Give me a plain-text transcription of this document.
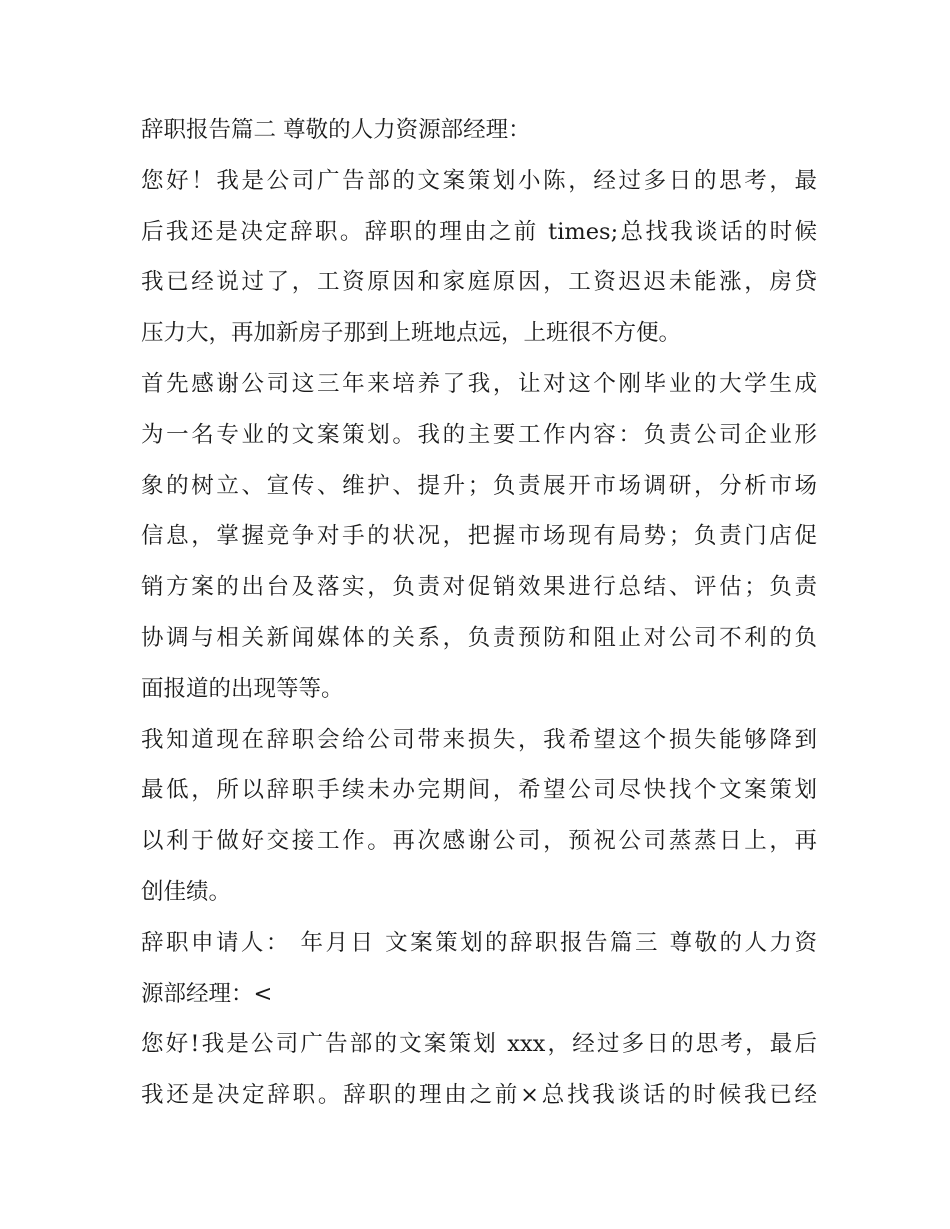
辞职报告篇二 尊敬的人力资源部经理：

您好！我是公司广告部的文案策划小陈，经过多日的思考，最
后我还是决定辞职。辞职的理由之前 times;总找我谈话的时候
我已经说过了，工资原因和家庭原因，工资迟迟未能涨，房贷
压力大，再加新房子那到上班地点远，上班很不方便。

首先感谢公司这三年来培养了我，让对这个刚毕业的大学生成
为一名专业的文案策划。我的主要工作内容：负责公司企业形
象的树立、宣传、维护、提升；负责展开市场调研，分析市场
信息，掌握竞争对手的状况，把握市场现有局势；负责门店促
销方案的出台及落实，负责对促销效果进行总结、评估；负责
协调与相关新闻媒体的关系，负责预防和阻止对公司不利的负
面报道的出现等等。

我知道现在辞职会给公司带来损失，我希望这个损失能够降到
最低，所以辞职手续未办完期间，希望公司尽快找个文案策划
以利于做好交接工作。再次感谢公司，预祝公司蒸蒸日上，再
创佳绩。

辞职申请人： 年月日 文案策划的辞职报告篇三 尊敬的人力资
源部经理：<

您好!我是公司广告部的文案策划 xxx，经过多日的思考，最后
我还是决定辞职。辞职的理由之前×总找我谈话的时候我已经
